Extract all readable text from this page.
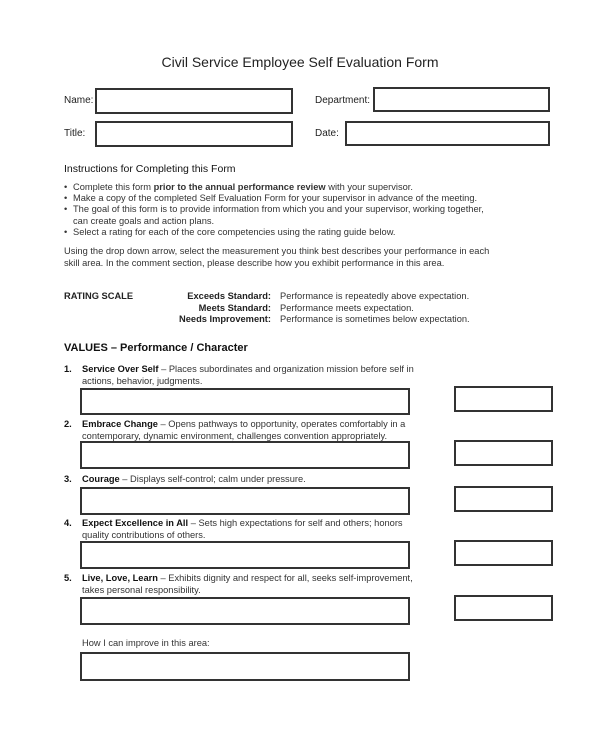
Civil Service Employee Self Evaluation Form
Name:	Department:
Title:	Date:
Instructions for Completing this Form
• Complete this form prior to the annual performance review with your supervisor.
• Make a copy of the completed Self Evaluation Form for your supervisor in advance of the meeting.
• The goal of this form is to provide information from which you and your supervisor, working together, can create goals and action plans.
• Select a rating for each of the core competencies using the rating guide below.
Using the drop down arrow, select the measurement you think best describes your performance in each skill area. In the comment section, please describe how you exhibit performance in this area.
RATING SCALE	Exceeds Standard: Performance is repeatedly above expectation.
Meets Standard: Performance meets expectation.
Needs Improvement: Performance is sometimes below expectation.
VALUES – Performance / Character
1. Service Over Self – Places subordinates and organization mission before self in actions, behavior, judgments.
2. Embrace Change – Opens pathways to opportunity, operates comfortably in a contemporary, dynamic environment, challenges convention appropriately.
3. Courage – Displays self-control; calm under pressure.
4. Expect Excellence in All – Sets high expectations for self and others; honors quality contributions of others.
5. Live, Love, Learn – Exhibits dignity and respect for all, seeks self-improvement, takes personal responsibility.
How I can improve in this area:
